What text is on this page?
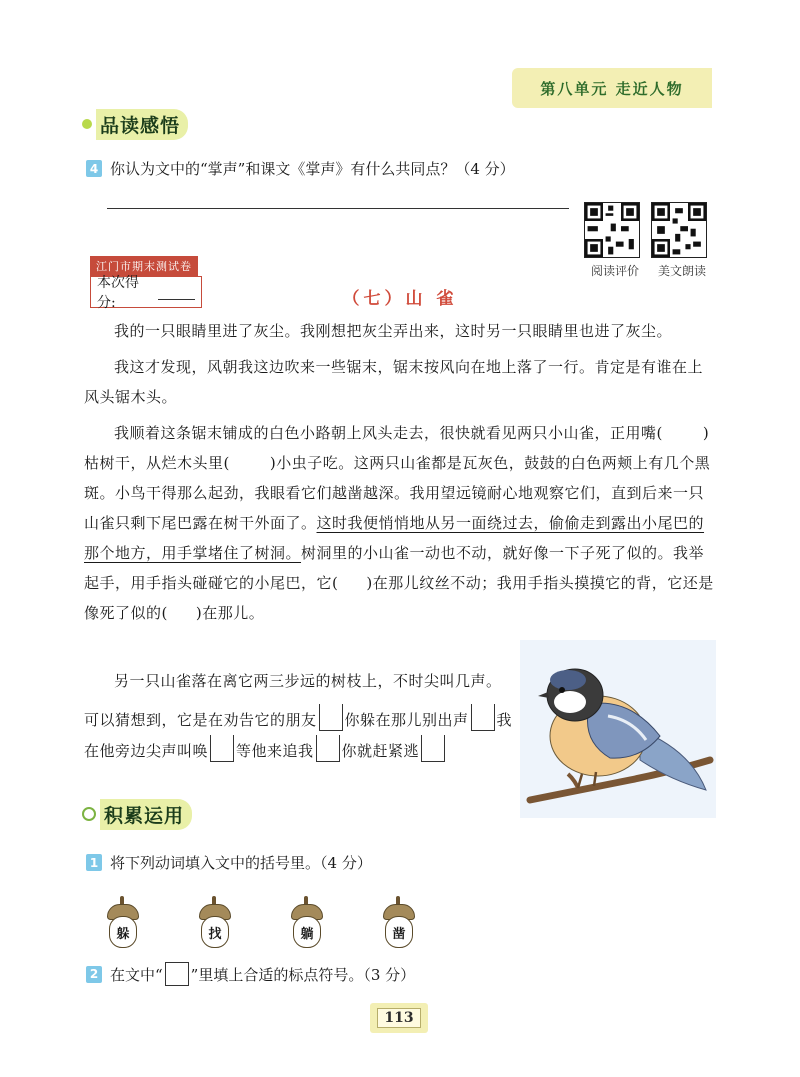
第八单元 走近人物
品读感悟
4 你认为文中的“掌声”和课文《掌声》有什么共同点？（4 分）
阅读评价	美文朗读
江门市期末测试卷
本次得分:	（七）山 雀

我的一只眼睛里进了灰尘。我刚想把灰尘弄出来，这时另一只眼睛里也进了灰尘。

我这才发现，风朝我这边吹来一些锯末，锯末按风向在地上落了一行。肯定是有谁在上风头锯木头。

我顺着这条锯末铺成的白色小路朝上风头走去，很快就看见两只小山雀，正用嘴(	)枯树干，从烂木头里(	)小虫子吃。这两只山雀都是瓦灰色，鼓鼓的白色两颊上有几个黑斑。小鸟干得那么起劲，我眼看它们越凿越深。我用望远镜耐心地观察它们，直到后来一只山雀只剩下尾巴露在树干外面了。这时我便悄悄地从另一面绕过去，偷偷走到露出小尾巴的那个地方，用手掌堵住了树洞。树洞里的小山雀一动也不动，就好像一下子死了似的。我举起手，用手指头碰碰它的小尾巴，它( )在那儿纹丝不动；我用手指头摸摸它的背，它还是像死了似的( )在那儿。

另一只山雀落在离它两三步远的树枝上，不时尖叫几声。

可以猜想到，它是在劝告它的朋友 你躲在那儿别出声 我在他旁边尖声叫唤 等他来追我 你就赶紧逃

积累运用
1 将下列动词填入文中的括号里。（4 分）
躲	找	躺	凿
2 在文中“ ”里填上合适的标点符号。（3 分）
113
